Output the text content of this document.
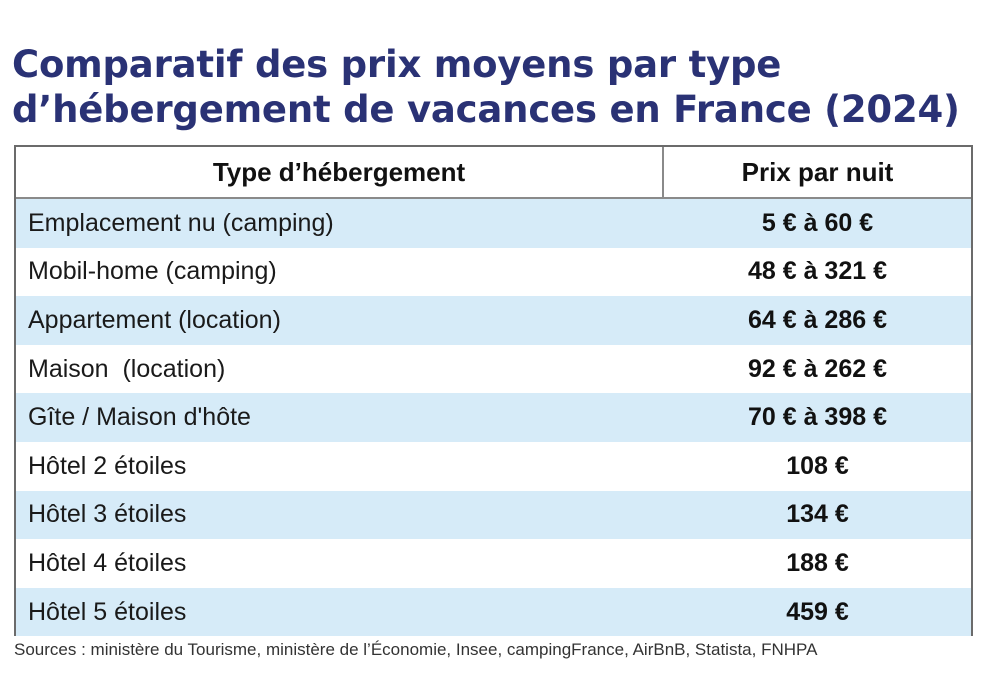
Comparatif des prix moyens par type d’hébergement de vacances en France (2024)
Type d’hébergement	Prix par nuit
Emplacement nu (camping)	5 € à 60 €
Mobil-home (camping)	48 € à 321 €
Appartement (location)	64 € à 286 €
Maison  (location)	92 € à 262 €
Gîte / Maison d'hôte	70 € à 398 €
Hôtel 2 étoiles	108 €
Hôtel 3 étoiles	134 €
Hôtel 4 étoiles	188 €
Hôtel 5 étoiles	459 €

Sources : ministère du Tourisme, ministère de l’Économie, Insee, campingFrance, AirBnB, Statista, FNHPA
